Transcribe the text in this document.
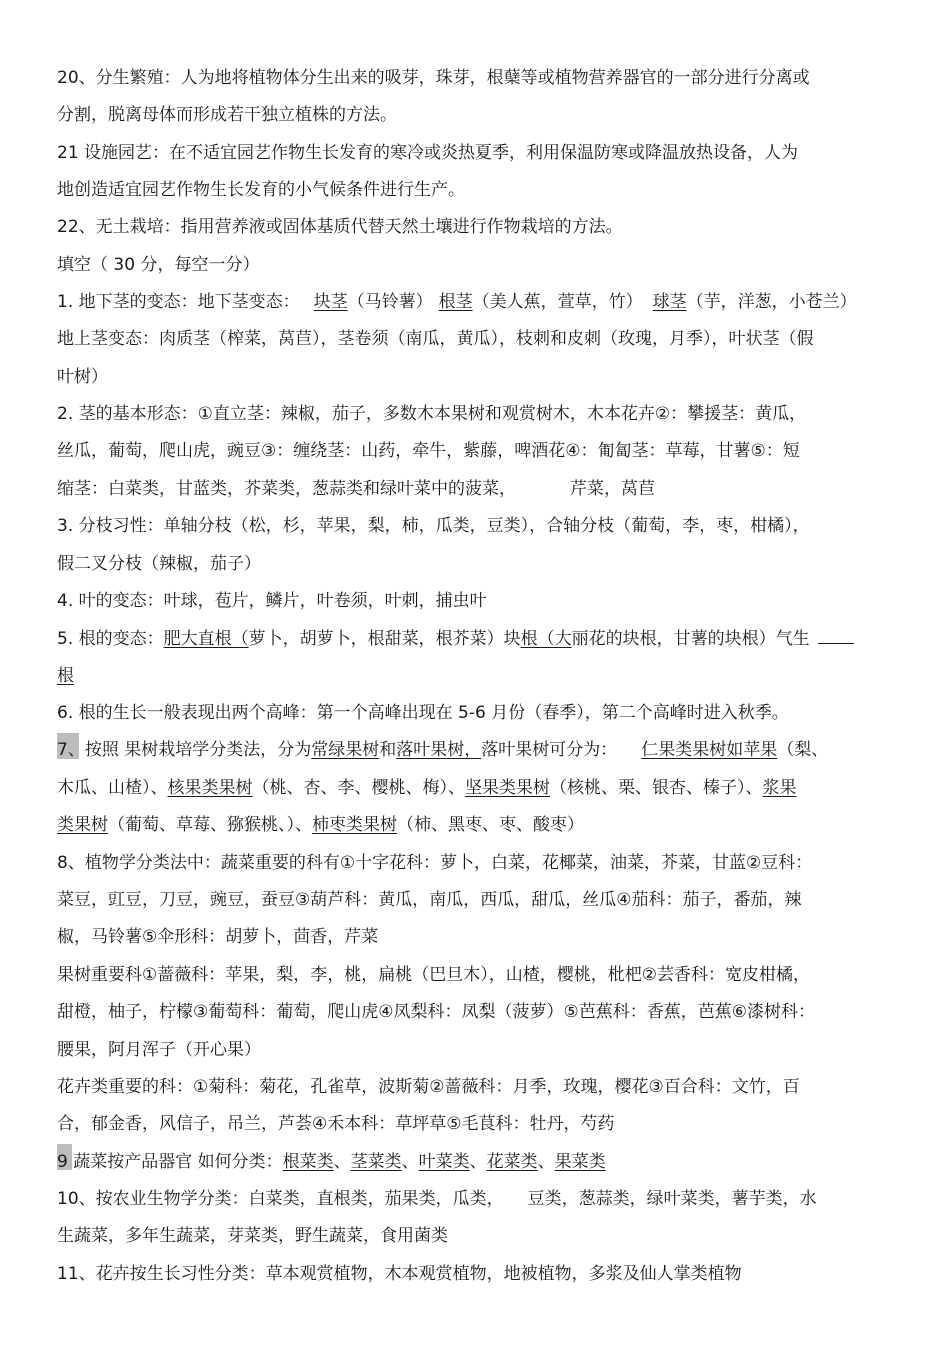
20、分生繁殖：人为地将植物体分生出来的吸芽，珠芽，根蘖等或植物营养器官的一部分进行分离或
分割，脱离母体而形成若干独立植株的方法。
21 设施园艺：在不适宜园艺作物生长发育的寒冷或炎热夏季，利用保温防寒或降温放热设备，人为
地创造适宜园艺作物生长发育的小气候条件进行生产。
22、无土栽培：指用营养液或固体基质代替天然土壤进行作物栽培的方法。
填空（ 30 分，每空一分）
1. 地下茎的变态：地下茎变态： 块茎（马铃薯） 根茎（美人蕉，萱草，竹） 球茎（芋，洋葱，小苍兰）
地上茎变态：肉质茎（榨菜，莴苣），茎卷须（南瓜，黄瓜），枝刺和皮刺（玫瑰，月季），叶状茎（假
叶树）
2. 茎的基本形态：①直立茎：辣椒，茄子，多数木本果树和观赏树木，木本花卉②：攀援茎：黄瓜，
丝瓜，葡萄，爬山虎，豌豆③：缠绕茎：山药，牵牛，紫藤，啤酒花④：匍匐茎：草莓，甘薯⑤：短
缩茎：白菜类，甘蓝类，芥菜类，葱蒜类和绿叶菜中的菠菜，	芹菜，莴苣
3. 分枝习性：单轴分枝（松，杉，苹果，梨，柿，瓜类，豆类），合轴分枝（葡萄，李，枣，柑橘），
假二叉分枝（辣椒，茄子）
4. 叶的变态：叶球，苞片，鳞片，叶卷须，叶刺，捕虫叶
5. 根的变态：肥大直根（萝卜，胡萝卜，根甜菜，根芥菜）块根（大丽花的块根，甘薯的块根）气生
根
6. 根的生长一般表现出两个高峰：第一个高峰出现在 5-6 月份（春季），第二个高峰时进入秋季。
7、按照 果树栽培学分类法，分为常绿果树和落叶果树，落叶果树可分为： 仁果类果树如苹果（梨、
木瓜、山楂）、核果类果树（桃、杏、李、樱桃、梅）、坚果类果树（核桃、栗、银杏、榛子）、浆果
类果树（葡萄、草莓、猕猴桃、）、柿枣类果树（柿、黑枣、枣、酸枣）
8、植物学分类法中：蔬菜重要的科有①十字花科：萝卜，白菜，花椰菜，油菜，芥菜，甘蓝②豆科：
菜豆，豇豆，刀豆，豌豆，蚕豆③葫芦科：黄瓜，南瓜，西瓜，甜瓜，丝瓜④茄科：茄子，番茄，辣
椒，马铃薯⑤伞形科：胡萝卜，茴香，芹菜
果树重要科①蔷薇科：苹果，梨，李，桃，扁桃（巴旦木），山楂，樱桃，枇杷②芸香科：宽皮柑橘，
甜橙，柚子，柠檬③葡萄科：葡萄，爬山虎④凤梨科：凤梨（菠萝）⑤芭蕉科：香蕉，芭蕉⑥漆树科：
腰果，阿月浑子（开心果）
花卉类重要的科：①菊科：菊花，孔雀草，波斯菊②蔷薇科：月季，玫瑰，樱花③百合科：文竹，百
合，郁金香，风信子，吊兰，芦荟④禾本科：草坪草⑤毛茛科：牡丹，芍药
9 蔬菜按产品器官 如何分类：根菜类、茎菜类、叶菜类、花菜类、果菜类
10、按农业生物学分类：白菜类，直根类，茄果类，瓜类， 豆类，葱蒜类，绿叶菜类，薯芋类，水
生蔬菜，多年生蔬菜，芽菜类，野生蔬菜，食用菌类
11、花卉按生长习性分类：草本观赏植物，木本观赏植物，地被植物，多浆及仙人掌类植物
